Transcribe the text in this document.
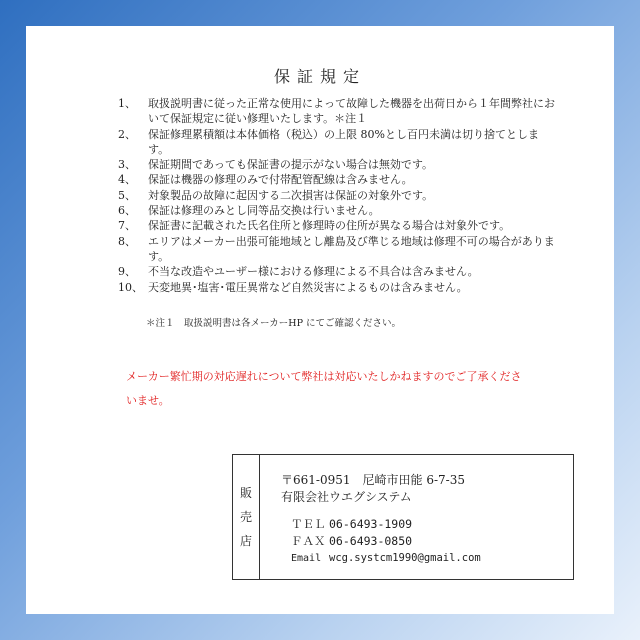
保証規定
1、	取扱説明書に従った正常な使用によって故障した機器を出荷日から１年間弊社において保証規定に従い修理いたします。＊注１
2、	保証修理累積額は本体価格（税込）の上限 80%とし百円未満は切り捨てとします。
3、	保証期間であっても保証書の提示がない場合は無効です。
4、	保証は機器の修理のみで付帯配管配線は含みません。
5、	対象製品の故障に起因する二次損害は保証の対象外です。
6、	保証は修理のみとし同等品交換は行いません。
7、	保証書に記載された氏名住所と修理時の住所が異なる場合は対象外です。
8、	エリアはメーカー出張可能地域とし離島及び準じる地域は修理不可の場合があります。
9、	不当な改造やユーザー様における修理による不具合は含みません。
10、 天変地異･塩害･電圧異常など自然災害によるものは含みません。
＊注１　取扱説明書は各メーカーHP にてご確認ください。
メーカー繁忙期の対応遅れについて弊社は対応いたしかねますのでご了承くださいませ。
販
売
店
〒661-0951　尼崎市田能 6-7-35
有限会社ウエグシステム
ＴＥＬ 06-6493-1909
ＦＡＸ 06-6493-0850
Email wcg.systcm1990@gmail.com
